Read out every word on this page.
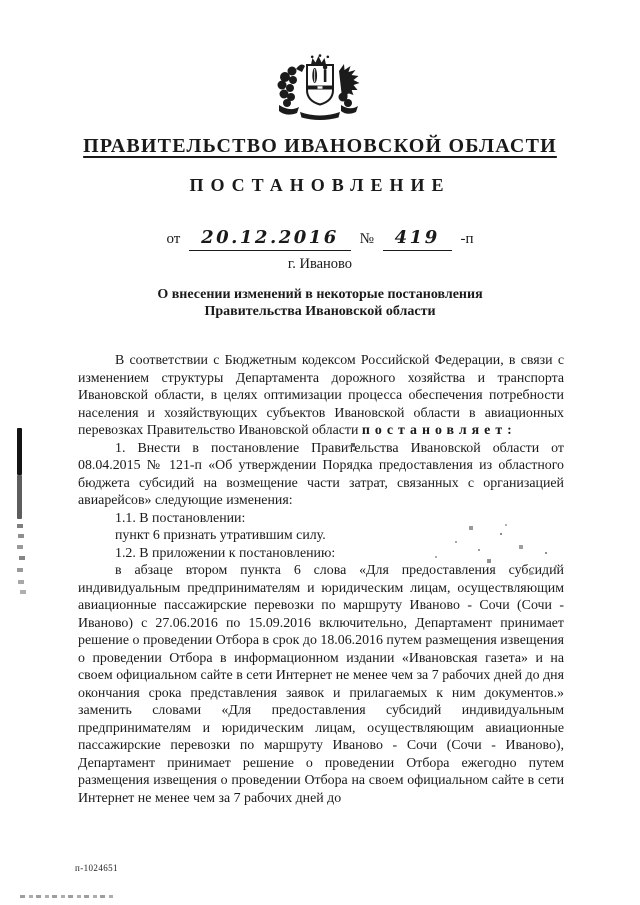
ПРАВИТЕЛЬСТВО ИВАНОВСКОЙ ОБЛАСТИ
ПОСТАНОВЛЕНИЕ
от 20.12.2016 № 419 -п
г. Иваново
О внесении изменений в некоторые постановления
Правительства Ивановской области

В соответствии с Бюджетным кодексом Российской Федерации, в связи с изменением структуры Департамента дорожного хозяйства и транспорта Ивановской области, в целях оптимизации процесса обеспечения потребности населения и хозяйствующих субъектов Ивановской области в авиационных перевозках Правительство Ивановской области постановляет:

1. Внести в постановление Правительства Ивановской области от 08.04.2015 № 121-п «Об утверждении Порядка предоставления из областного бюджета субсидий на возмещение части затрат, связанных с организацией авиарейсов» следующие изменения:

1.1. В постановлении:

пункт 6 признать утратившим силу.

1.2. В приложении к постановлению:

в абзаце втором пункта 6 слова «Для предоставления субсидий индивидуальным предпринимателям и юридическим лицам, осуществляющим авиационные пассажирские перевозки по маршруту Иваново - Сочи (Сочи - Иваново) с 27.06.2016 по 15.09.2016 включительно, Департамент принимает решение о проведении Отбора в срок до 18.06.2016 путем размещения извещения о проведении Отбора в информационном издании «Ивановская газета» и на своем официальном сайте в сети Интернет не менее чем за 7 рабочих дней до дня окончания срока представления заявок и прилагаемых к ним документов.» заменить словами «Для предоставления субсидий индивидуальным предпринимателям и юридическим лицам, осуществляющим авиационные пассажирские перевозки по маршруту Иваново - Сочи (Сочи - Иваново), Департамент принимает решение о проведении Отбора ежегодно путем размещения извещения о проведении Отбора на своем официальном сайте в сети Интернет не менее чем за 7 рабочих дней до

п-1024651
